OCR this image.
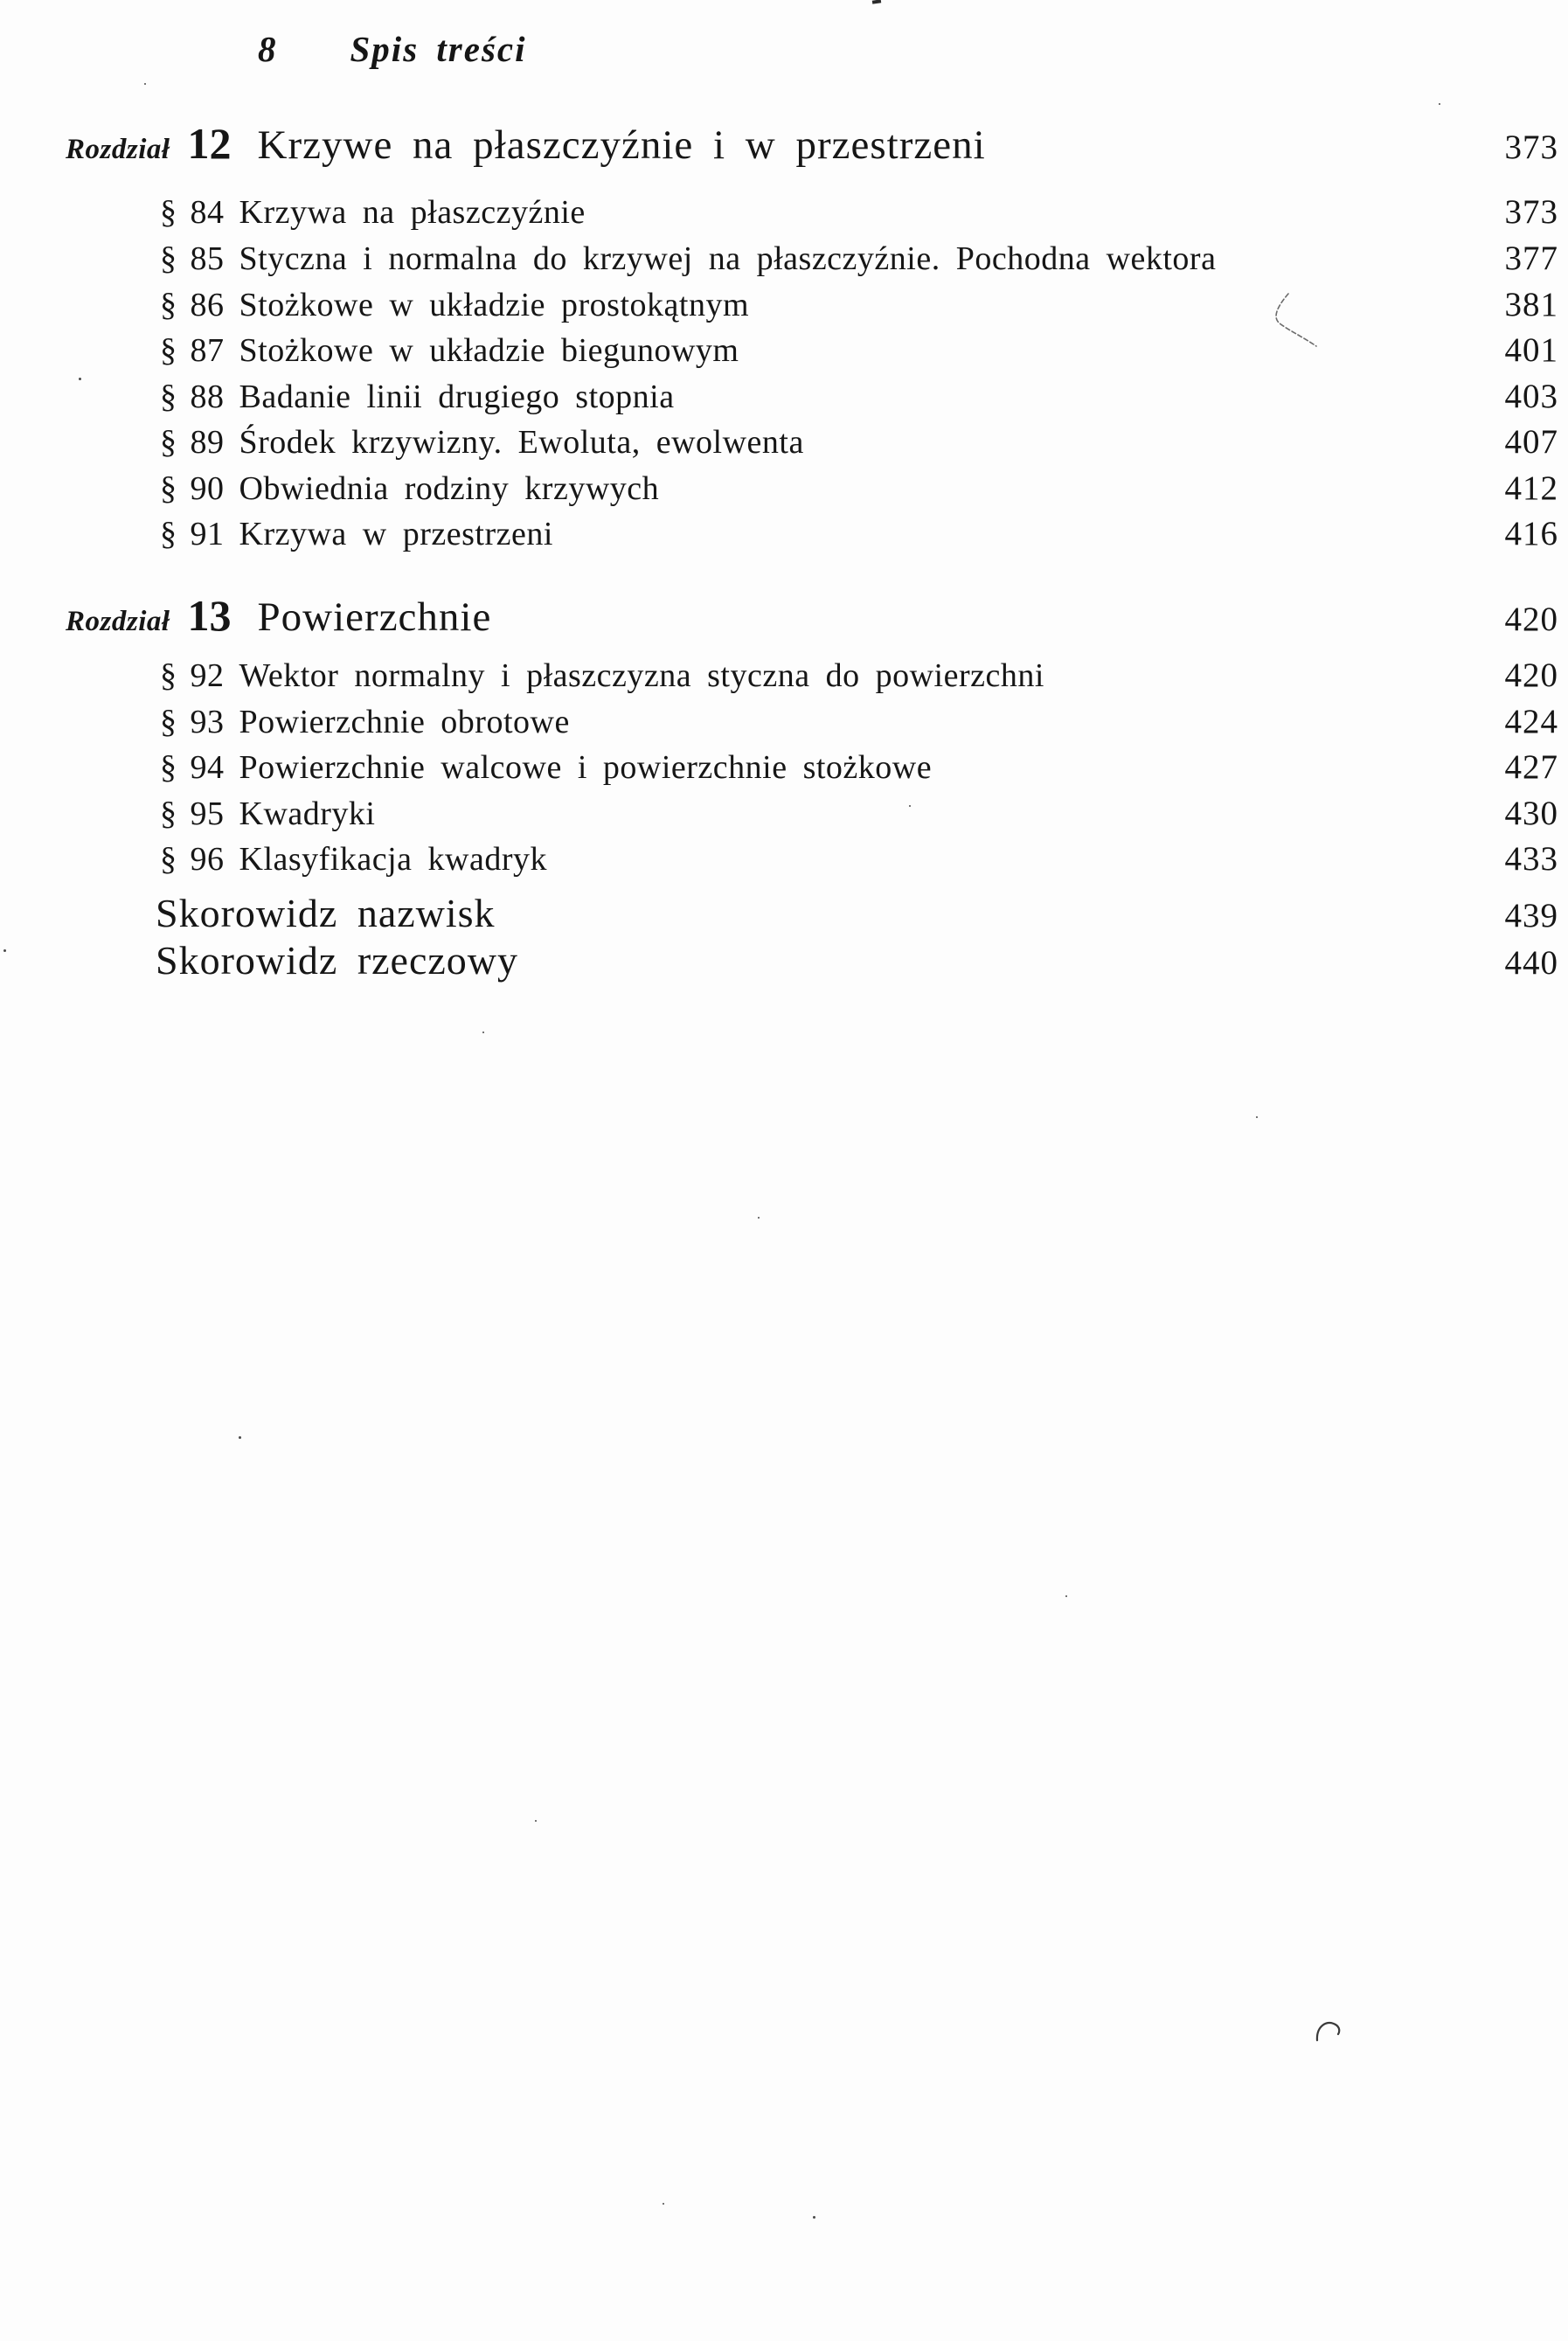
8 Spis treści
Rozdział 12 Krzywe na płaszczyźnie i w przestrzeni	373
§ 84 Krzywa na płaszczyźnie	373
§ 85 Styczna i normalna do krzywej na płaszczyźnie. Pochodna wektora	377
§ 86 Stożkowe w układzie prostokątnym	381
§ 87 Stożkowe w układzie biegunowym	401
§ 88 Badanie linii drugiego stopnia	403
§ 89 Środek krzywizny. Ewoluta, ewolwenta	407
§ 90 Obwiednia rodziny krzywych	412
§ 91 Krzywa w przestrzeni	416
Rozdział 13 Powierzchnie	420
§ 92 Wektor normalny i płaszczyzna styczna do powierzchni	420
§ 93 Powierzchnie obrotowe	424
§ 94 Powierzchnie walcowe i powierzchnie stożkowe	427
§ 95 Kwadryki	430
§ 96 Klasyfikacja kwadryk	433
Skorowidz nazwisk	439
Skorowidz rzeczowy	440
